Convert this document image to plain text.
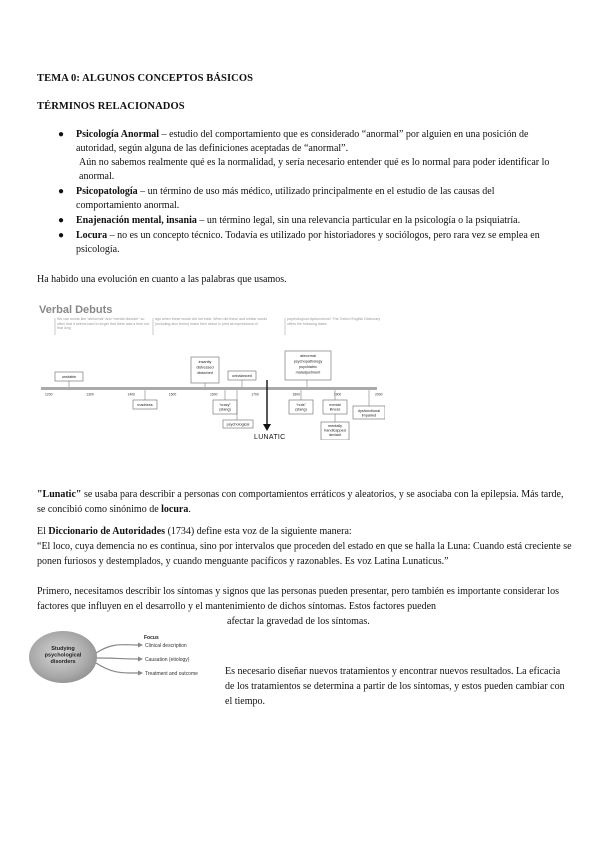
TEMA 0: ALGUNOS CONCEPTOS BÁSICOS
TÉRMINOS RELACIONADOS
● Psicología Anormal – estudio del comportamiento que es considerado “anormal” por alguien en una posición de autoridad, según alguna de las definiciones aceptadas de “anormal”.
Aún no sabemos realmente qué es la normalidad, y sería necesario entender qué es lo normal para poder identificar lo anormal.
● Psicopatología – un término de uso más médico, utilizado principalmente en el estudio de las causas del comportamiento anormal.
● Enajenación mental, insania – un término legal, sin una relevancia particular en la psicología o la psiquiatría.
● Locura – no es un concepto técnico. Todavía es utilizado por historiadores y sociólogos, pero rara vez se emplea en psicología.
Ha habido una evolución en cuanto a las palabras que usamos.
Verbal Debuts
We use words like “abnormal” and “mental disorder” so often that it seems hard to forget that there was a time not that long
ago when these words did not exist. When did these and similar words (including also terms) make their debut in print as expressions of
psychological dysfunctions? The Oxford English Dictionary offers the following dates
1200	1300	1400	1500	1600	1700	1800	1900	2000
unstable
insanity distressed disturbed
unbalanced
abnormal psychopathology psychiatric maladjustment
madness	“crazy” (slang)
psychological
“nuts” (slang)
mental illness
mentally handicapped deviant
dysfunctional impaired
LUNATIC
"Lunatic" se usaba para describir a personas con comportamientos erráticos y aleatorios, y se asociaba con la epilepsia. Más tarde, se concibió como sinónimo de locura.
El Diccionario de Autoridades (1734) define esta voz de la siguiente manera:
“El loco, cuya demencia no es continua, sino por intervalos que proceden del estado en que se halla la Luna: Cuando está creciente se ponen furiosos y destemplados, y cuando menguante pacíficos y razonables. Es voz Latina Lunaticus.”
Primero, necesitamos describir los síntomas y signos que las personas pueden presentar, pero también es importante considerar los factores que influyen en el desarrollo y el mantenimiento de dichos síntomas. Estos factores pueden
afectar la gravedad de los síntomas.
Studying psychological disorders
Focus
Clinical description
Causation (etiology)
Treatment and outcome	Es necesario diseñar nuevos tratamientos y encontrar nuevos resultados. La eficacia de los tratamientos se determina a partir de los síntomas, y estos pueden cambiar con el tiempo.
